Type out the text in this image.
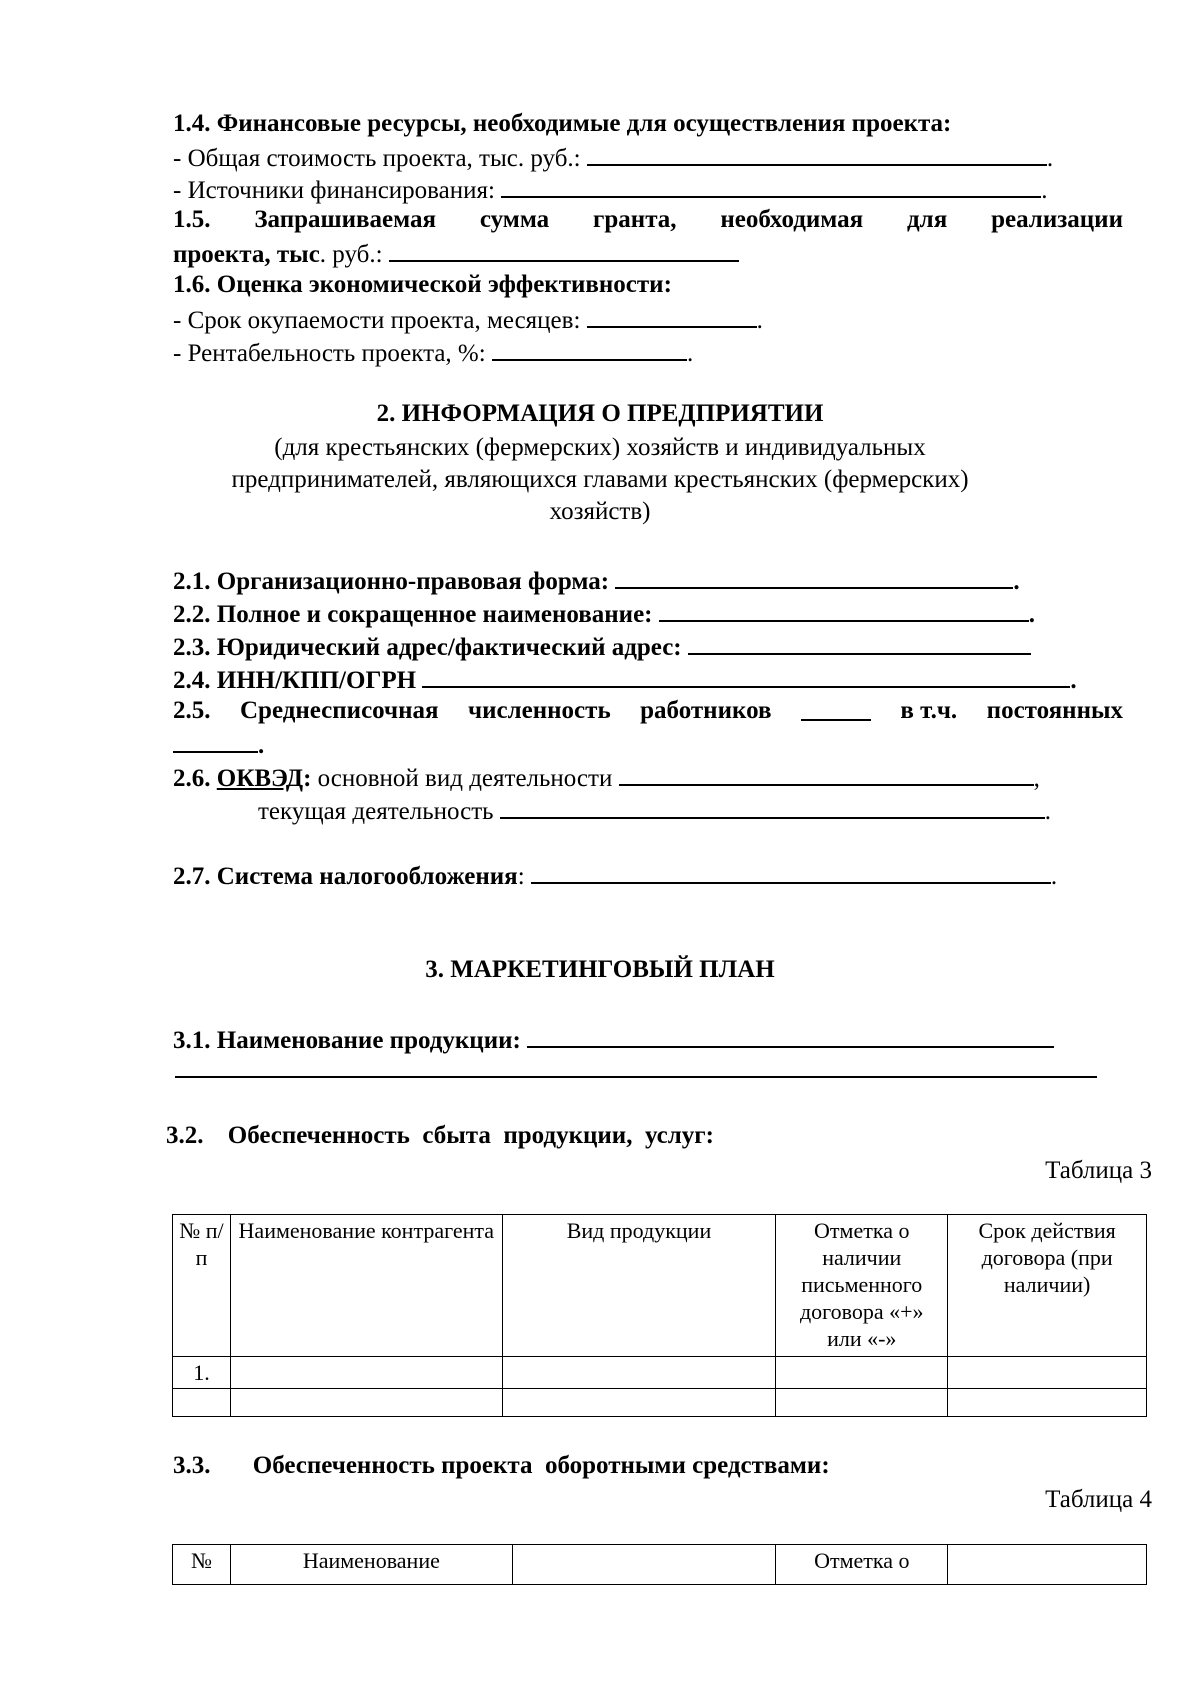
1.4. Финансовые ресурсы, необходимые для осуществления проекта:
- Общая стоимость проекта, тыс. руб.:	.
- Источники финансирования:	.
1.5. Запрашиваемая сумма гранта, необходимая для реализации
проекта, тыс. руб.:
1.6. Оценка экономической эффективности:
- Срок окупаемости проекта, месяцев:	.
- Рентабельность проекта, %:	.
2. ИНФОРМАЦИЯ О ПРЕДПРИЯТИИ
(для крестьянских (фермерских) хозяйств и индивидуальных
предпринимателей, являющихся главами крестьянских (фермерских)
хозяйств)
2.1. Организационно-правовая форма:	.
2.2. Полное и сокращенное наименование:	.
2.3. Юридический адрес/фактический адрес:
2.4. ИНН/КПП/ОГРН	.
2.5. Среднесписочная численность работников	в т.ч. постоянных
.
2.6. ОКВЭД: основной вид деятельности	,
текущая деятельность	.
2.7. Система налогообложения:	.
3. МАРКЕТИНГОВЫЙ ПЛАН
3.1. Наименование продукции:
3.2. Обеспеченность  сбыта  продукции,  услуг:
Таблица 3
№ п/п	Наименование контрагента	Вид продукции	Отметка о наличии письменного договора «+» или «-»	Срок действия договора (при наличии)
1.				

3.3. Обеспеченность проекта  оборотными средствами:
Таблица 4
№	Наименование		Отметка о	
